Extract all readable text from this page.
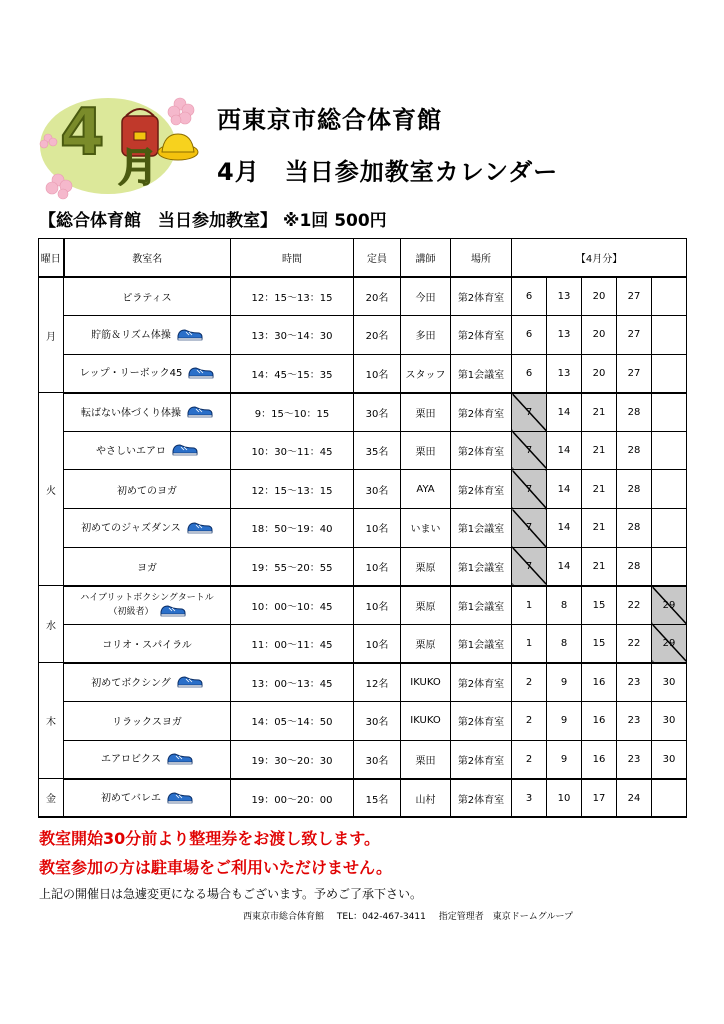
4 月
西東京市総合体育館
4月　当日参加教室カレンダー
【総合体育館　当日参加教室】 ※1回 500円
曜日	教室名	時間	定員	講師	場所	【4月分】				
月	ピラティス	12：15～13：15	20名	今田	第2体育室	6	13	20	27	
	貯筋＆リズム体操	13：30～14：30	20名	多田	第2体育室	6	13	20	27	
	レップ・リーボック45	14：45～15：35	10名	スタッフ	第1会議室	6	13	20	27	
火	転ばない体づくり体操	9：15～10：15	30名	栗田	第2体育室	7	14	21	28	
	やさしいエアロ	10：30～11：45	35名	栗田	第2体育室	7	14	21	28	
	初めてのヨガ	12：15～13：15	30名	AYA	第2体育室	7	14	21	28	
	初めてのジャズダンス	18：50～19：40	10名	いまい	第1会議室	7	14	21	28	
	ヨガ	19：55～20：55	10名	栗原	第1会議室	7	14	21	28	
水	ハイブリットボクシングタートル
（初級者）	10：00～10：45	10名	栗原	第1会議室	1	8	15	22	29
	コリオ・スパイラル	11：00～11：45	10名	栗原	第1会議室	1	8	15	22	29
木	初めてボクシング	13：00～13：45	12名	IKUKO	第2体育室	2	9	16	23	30
	リラックスヨガ	14：05～14：50	30名	IKUKO	第2体育室	2	9	16	23	30
	エアロビクス	19：30～20：30	30名	栗田	第2体育室	2	9	16	23	30
金	初めてバレエ	19：00～20：00	15名	山村	第2体育室	3	10	17	24	
教室開始30分前より整理券をお渡し致します。
教室参加の方は駐車場をご利用いただけません。
上記の開催日は急遽変更になる場合もございます。予めご了承下さい。
西東京市総合体育館 TEL：042-467-3411 指定管理者　東京ドームグループ
